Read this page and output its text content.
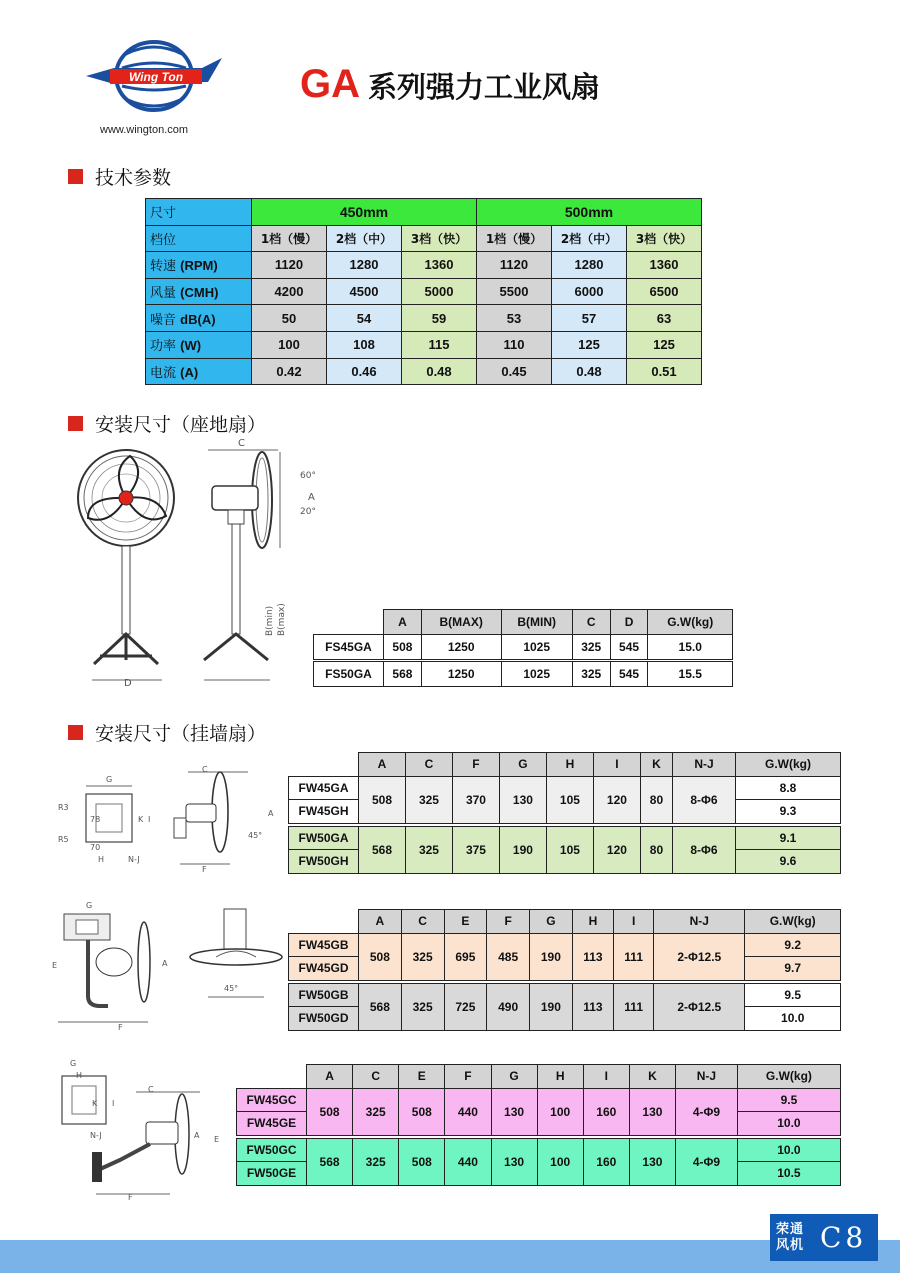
Wing Ton
www.wington.com
GA 系列强力工业风扇
技术参数
尺寸	450mm			500mm		
档位	1档（慢）	2档（中）	3档（快）	1档（慢）	2档（中）	3档（快）
转速 (RPM)	1120	1280	1360	1120	1280	1360
风量 (CMH)	4200	4500	5000	5500	6000	6500
噪音 dB(A)	50	54	59	53	57	63
功率 (W)	100	108	115	110	125	125
电流 (A)	0.42	0.46	0.48	0.45	0.48	0.51
安装尺寸（座地扇）
D
C
A
60°
20°
B(min) B(max)
		A	B(MAX)	B(MIN)	C	D	G.W(kg)
FS45GA	508	1250	1025	325	545	15.0

FS50GA	568	1250	1025	325	545	15.5
安装尺寸（挂墙扇）
G
K I
78
70
H
R3
R5
N-J
C
F
A
45°
	A	C	F	G	H	I	K	N-J	G.W(kg)
FW45GA	508	325	370	130	105	120	80	8-Φ6	8.8
FW45GH									9.3

FW50GA	568	325	375	190	105	120	80	8-Φ6	9.1
FW50GH									9.6
G
E
F
A
45°
	A	C	E	F	G	H	I	N-J	G.W(kg)
FW45GB	508	325	695	485	190	113	111	2-Φ12.5	9.2
FW45GD									9.7

FW50GB	568	325	725	490	190	113	111	2-Φ12.5	9.5
FW50GD									10.0
G
H
K I
N-J
C
F
A E
	A	C	E	F	G	H	I	K	N-J	G.W(kg)
FW45GC	508	325	508	440	130	100	160	130	4-Φ9	9.5
FW45GE										10.0

FW50GC	568	325	508	440	130	100	160	130	4-Φ9	10.0
FW50GE										10.5
荣通
风机 C8
